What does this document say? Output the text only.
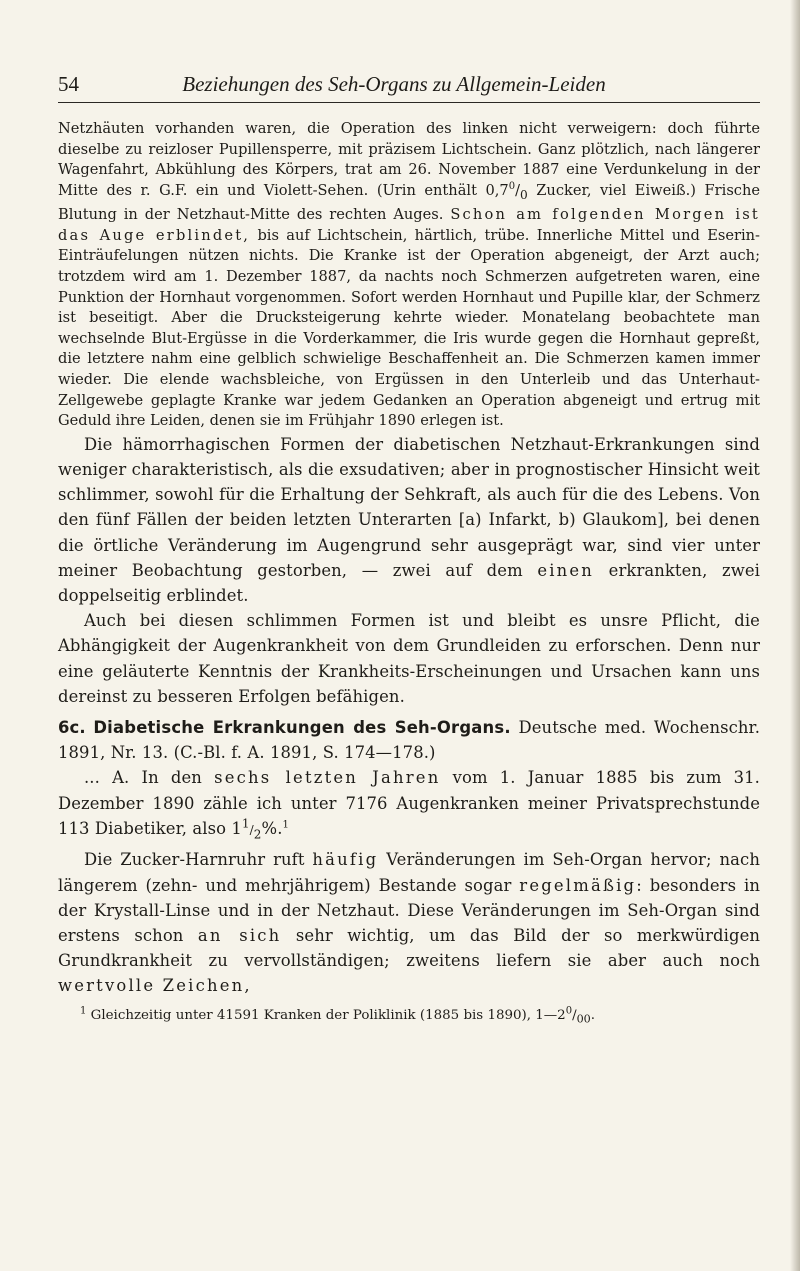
54	Beziehungen des Seh-Organs zu Allgemein-Leiden

Netzhäuten vorhanden waren, die Operation des linken nicht verweigern: doch führte dieselbe zu reizloser Pupillensperre, mit präzisem Lichtschein. Ganz plötzlich, nach längerer Wagenfahrt, Abkühlung des Körpers, trat am 26. November 1887 eine Verdunkelung in der Mitte des r. G.F. ein und Violett-Sehen. (Urin enthält $0,7^0/_0$ Zucker, viel Eiweiß.) Frische Blutung in der Netzhaut-Mitte des rechten Auges. Schon am folgenden Morgen ist das Auge erblindet, bis auf Lichtschein, härtlich, trübe. Innerliche Mittel und Eserin-Einträufelungen nützen nichts. Die Kranke ist der Operation abgeneigt, der Arzt auch; trotzdem wird am 1. Dezember 1887, da nachts noch Schmerzen aufgetreten waren, eine Punktion der Hornhaut vorgenommen. Sofort werden Hornhaut und Pupille klar, der Schmerz ist beseitigt. Aber die Drucksteigerung kehrte wieder. Monatelang beobachtete man wechselnde Blut-Ergüsse in die Vorderkammer, die Iris wurde gegen die Hornhaut gepreßt, die letztere nahm eine gelblich schwielige Beschaffenheit an. Die Schmerzen kamen immer wieder. Die elende wachsbleiche, von Ergüssen in den Unterleib und das Unterhaut-Zellgewebe geplagte Kranke war jedem Gedanken an Operation abgeneigt und ertrug mit Geduld ihre Leiden, denen sie im Frühjahr 1890 erlegen ist.

Die hämorrhagischen Formen der diabetischen Netzhaut-Erkrankungen sind weniger charakteristisch, als die exsudativen; aber in prognostischer Hinsicht weit schlimmer, sowohl für die Erhaltung der Sehkraft, als auch für die des Lebens. Von den fünf Fällen der beiden letzten Unterarten [a) Infarkt, b) Glaukom], bei denen die örtliche Veränderung im Augengrund sehr ausgeprägt war, sind vier unter meiner Beobachtung gestorben, — zwei auf dem einen erkrankten, zwei doppelseitig erblindet.

Auch bei diesen schlimmen Formen ist und bleibt es unsre Pflicht, die Abhängigkeit der Augenkrankheit von dem Grundleiden zu erforschen. Denn nur eine geläuterte Kenntnis der Krankheits-Erscheinungen und Ursachen kann uns dereinst zu besseren Erfolgen befähigen.

6c. Diabetische Erkrankungen des Seh-Organs. Deutsche med. Wochenschr. 1891, Nr. 13. (C.-Bl. f. A. 1891, S. 174—178.)

... A. In den sechs letzten Jahren vom 1. Januar 1885 bis zum 31. Dezember 1890 zähle ich unter 7176 Augenkranken meiner Privatsprechstunde 113 Diabetiker, also $1^1/_2\%.^1$

Die Zucker-Harnruhr ruft häufig Veränderungen im Seh-Organ hervor; nach längerem (zehn- und mehrjährigem) Bestande sogar regelmäßig: besonders in der Krystall-Linse und in der Netzhaut. Diese Veränderungen im Seh-Organ sind erstens schon an sich sehr wichtig, um das Bild der so merkwürdigen Grundkrankheit zu vervollständigen; zweitens liefern sie aber auch noch wertvolle Zeichen,

$^1$ Gleichzeitig unter 41591 Kranken der Poliklinik (1885 bis 1890), $1—2^0/_{00}$.
